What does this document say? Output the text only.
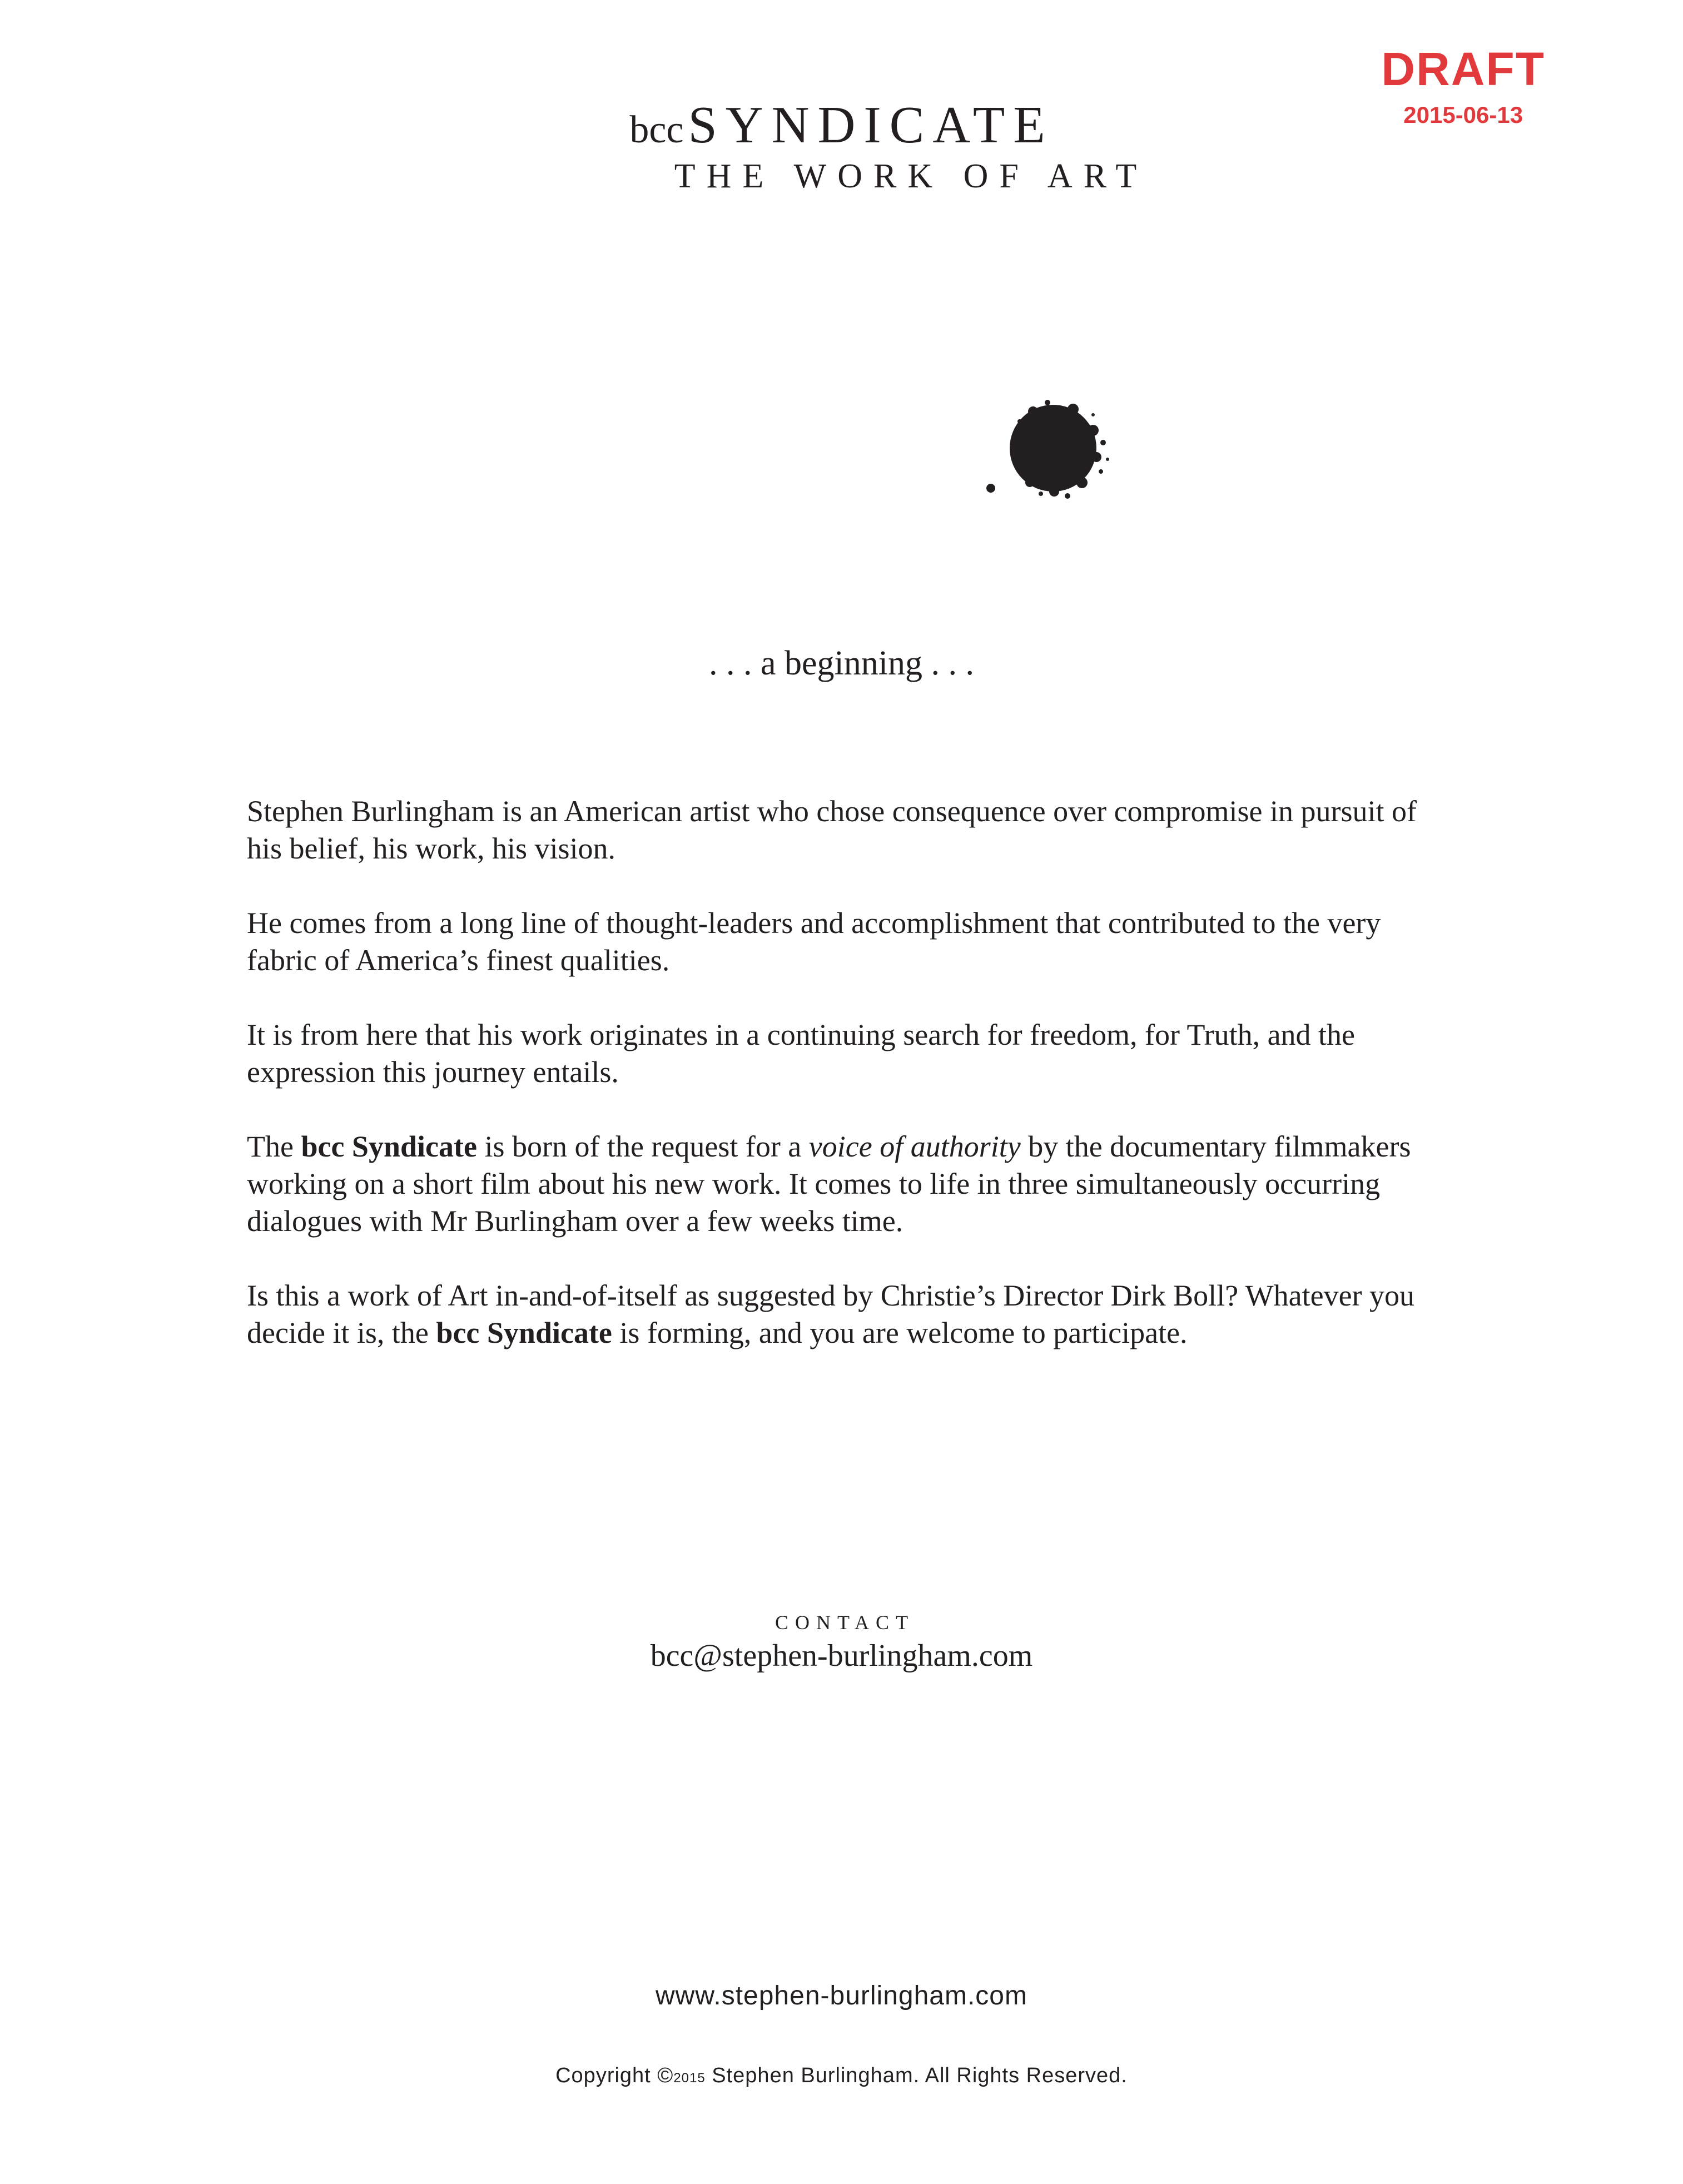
DRAFT
2015-06-13
bccSYNDICATE
THE WORK OF ART
. . . a beginning . . .

Stephen Burlingham is an American artist who chose consequence over compromise in pursuit of his belief, his work, his vision.

He comes from a long line of thought-leaders and accomplishment that contributed to the very fabric of America’s finest qualities.

It is from here that his work originates in a continuing search for freedom, for Truth, and the expression this journey entails.

The bcc Syndicate is born of the request for a voice of authority by the documentary filmmakers working on a short film about his new work. It comes to life in three simultaneously occurring dialogues with Mr Burlingham over a few weeks time.

Is this a work of Art in-and-of-itself as suggested by Christie’s Director Dirk Boll? Whatever you decide it is, the bcc Syndicate is forming, and you are welcome to participate.

CONTACT
bcc@stephen-burlingham.com
www.stephen-burlingham.com
Copyright ©2015 Stephen Burlingham. All Rights Reserved.
